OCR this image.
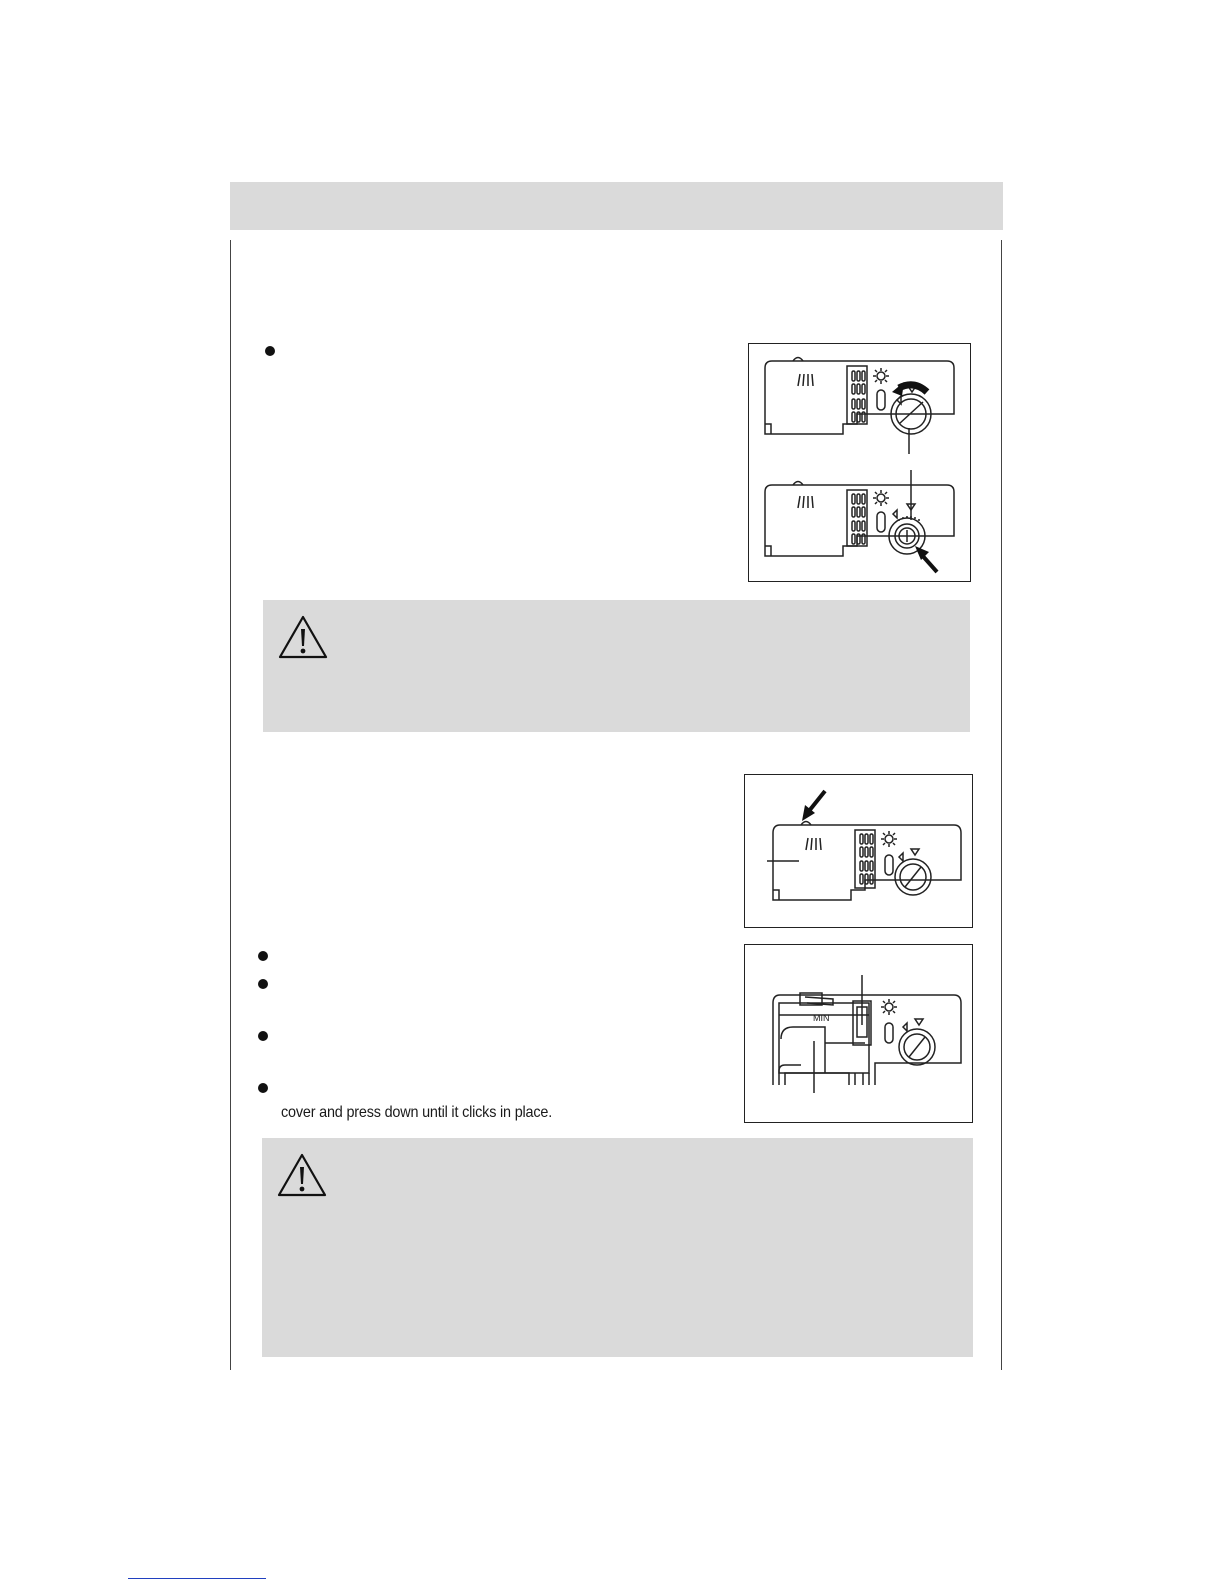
cover and press down until it clicks in place.
MIN
